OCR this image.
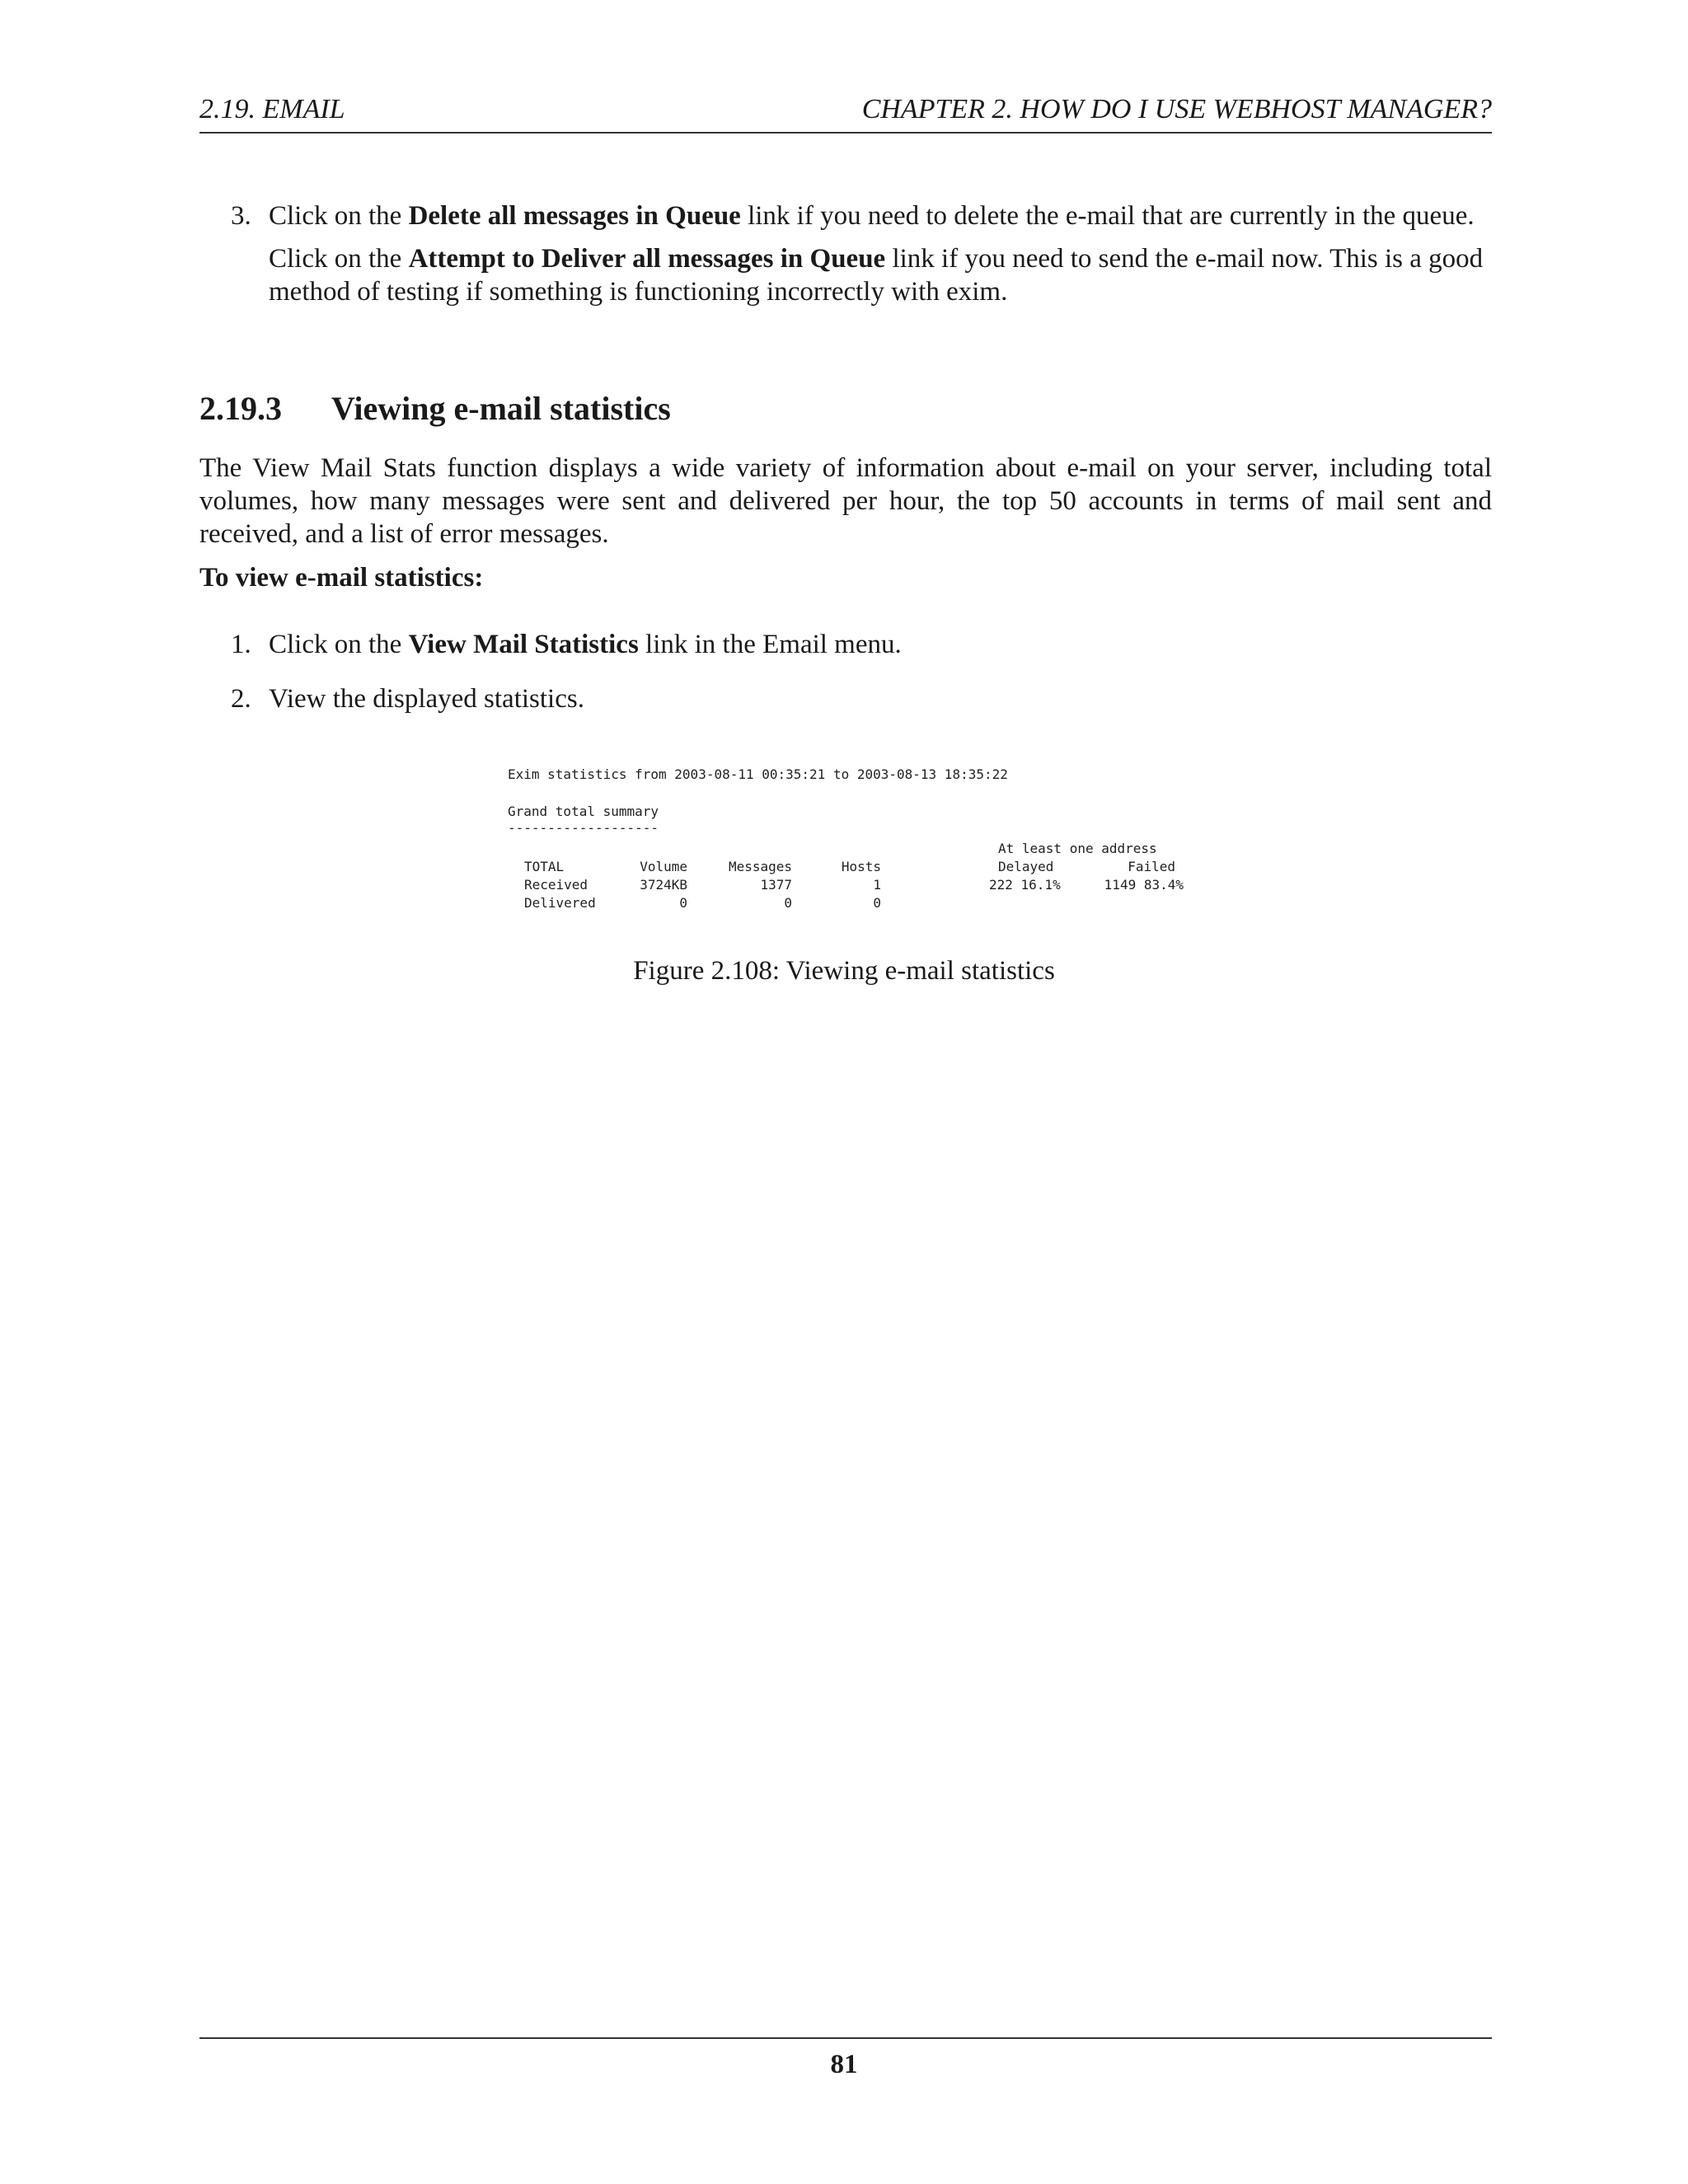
2.19. EMAIL	CHAPTER 2. HOW DO I USE WEBHOST MANAGER?
3. Click on the Delete all messages in Queue link if you need to delete the e-mail that are currently in the queue.

Click on the Attempt to Deliver all messages in Queue link if you need to send the e-mail now. This is a good method of testing if something is functioning incorrectly with exim.

2.19.3 Viewing e-mail statistics

The View Mail Stats function displays a wide variety of information about e-mail on your server, including total volumes, how many messages were sent and delivered per hour, the top 50 accounts in terms of mail sent and received, and a list of error messages.

To view e-mail statistics:
1. Click on the View Mail Statistics link in the Email menu.

2. View the displayed statistics.

Exim statistics from 2003-08-11 00:35:21 to 2003-08-13 18:35:22
Grand total summary
-------------------
At least one address
TOTAL	Volume	Messages	Hosts	Delayed	Failed
Received	3724KB	1377	1	222 16.1%	1149 83.4%
Delivered	0	0	0
Figure 2.108: Viewing e-mail statistics
81
